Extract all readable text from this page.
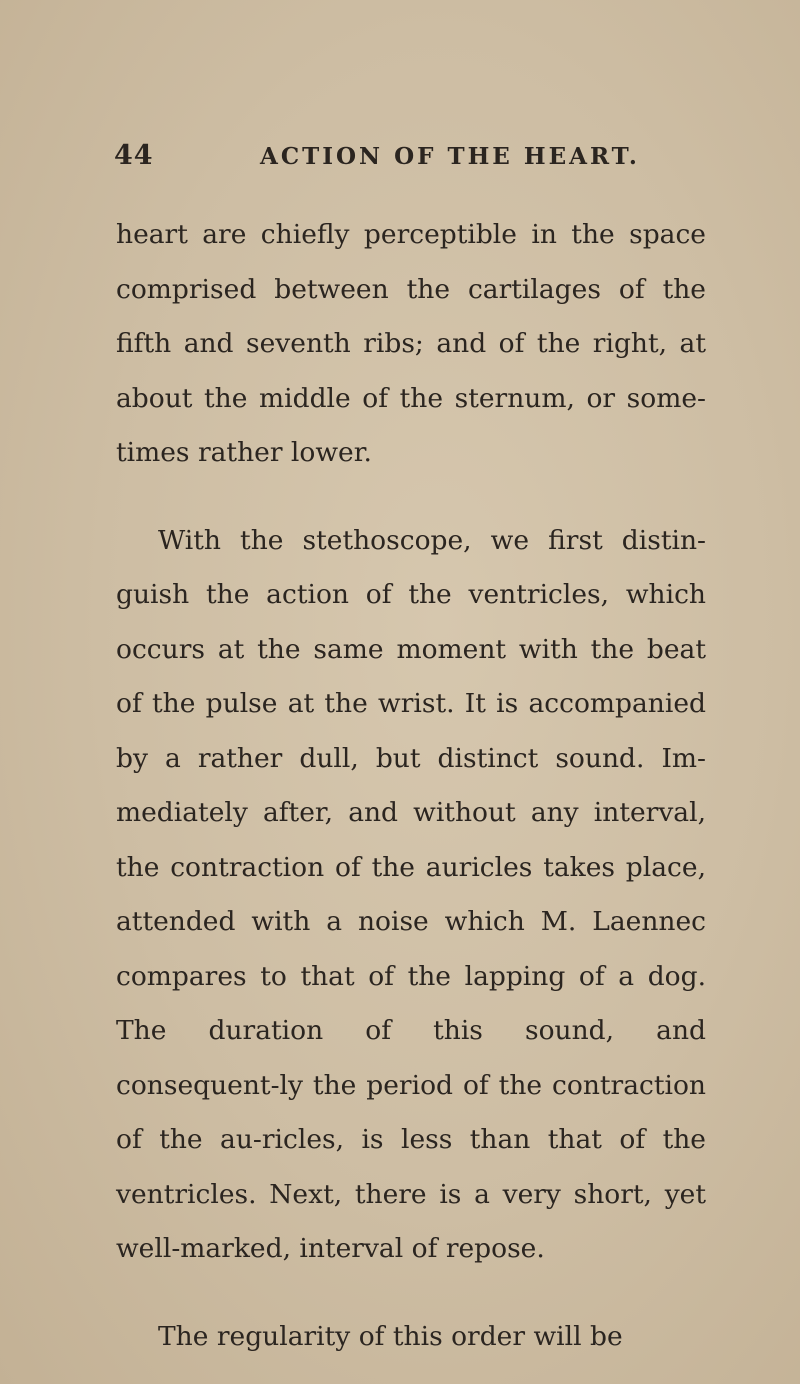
44	ACTION OF THE HEART.

heart are chiefly perceptible in the space comprised between the cartilages of the fifth and seventh ribs; and of the right, at about the middle of the sternum, or some-times rather lower.

With the stethoscope, we first distin-guish the action of the ventricles, which occurs at the same moment with the beat of the pulse at the wrist. It is accompanied by a rather dull, but distinct sound. Im-mediately after, and without any interval, the contraction of the auricles takes place, attended with a noise which M. Laennec compares to that of the lapping of a dog. The duration of this sound, and consequent-ly the period of the contraction of the au-ricles, is less than that of the ventricles. Next, there is a very short, yet well-marked, interval of repose.

The regularity of this order will be
